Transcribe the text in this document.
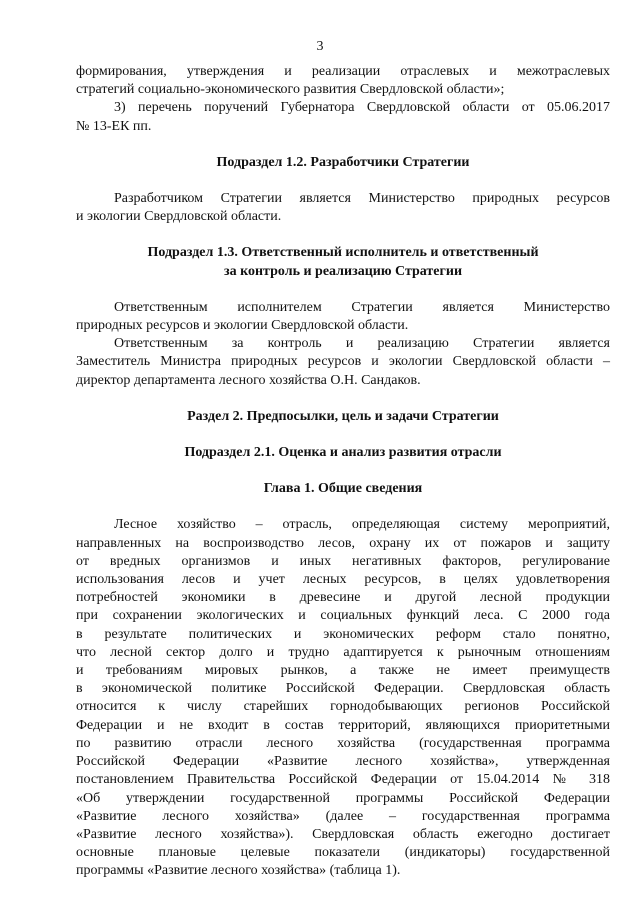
3

формирования, утверждения и реализации отраслевых и межотраслевых
стратегий социально-экономического развития Свердловской области»;

3) перечень поручений Губернатора Свердловской области от 05.06.2017
№ 13-ЕК пп.

Подраздел 1.2. Разработчики Стратегии

Разработчиком Стратегии является Министерство природных ресурсов
и экологии Свердловской области.

Подраздел 1.3. Ответственный исполнитель и ответственный
за контроль и реализацию Стратегии

Ответственным исполнителем Стратегии является Министерство
природных ресурсов и экологии Свердловской области.

Ответственным за контроль и реализацию Стратегии является
Заместитель Министра природных ресурсов и экологии Свердловской области –
директор департамента лесного хозяйства О.Н. Сандаков.

Раздел 2. Предпосылки, цель и задачи Стратегии

Подраздел 2.1. Оценка и анализ развития отрасли

Глава 1. Общие сведения

Лесное хозяйство – отрасль, определяющая систему мероприятий,
направленных на воспроизводство лесов, охрану их от пожаров и защиту
от вредных организмов и иных негативных факторов, регулирование
использования лесов и учет лесных ресурсов, в целях удовлетворения
потребностей экономики в древесине и другой лесной продукции
при сохранении экологических и социальных функций леса. С 2000 года
в результате политических и экономических реформ стало понятно,
что лесной сектор долго и трудно адаптируется к рыночным отношениям
и требованиям мировых рынков, а также не имеет преимуществ
в экономической политике Российской Федерации. Свердловская область
относится к числу старейших горнодобывающих регионов Российской
Федерации и не входит в состав территорий, являющихся приоритетными
по развитию отрасли лесного хозяйства (государственная программа
Российской Федерации «Развитие лесного хозяйства», утвержденная
постановлением Правительства Российской Федерации от 15.04.2014 № 318
«Об утверждении государственной программы Российской Федерации
«Развитие лесного хозяйства» (далее – государственная программа
«Развитие лесного хозяйства»). Свердловская область ежегодно достигает
основные плановые целевые показатели (индикаторы) государственной
программы «Развитие лесного хозяйства» (таблица 1).
